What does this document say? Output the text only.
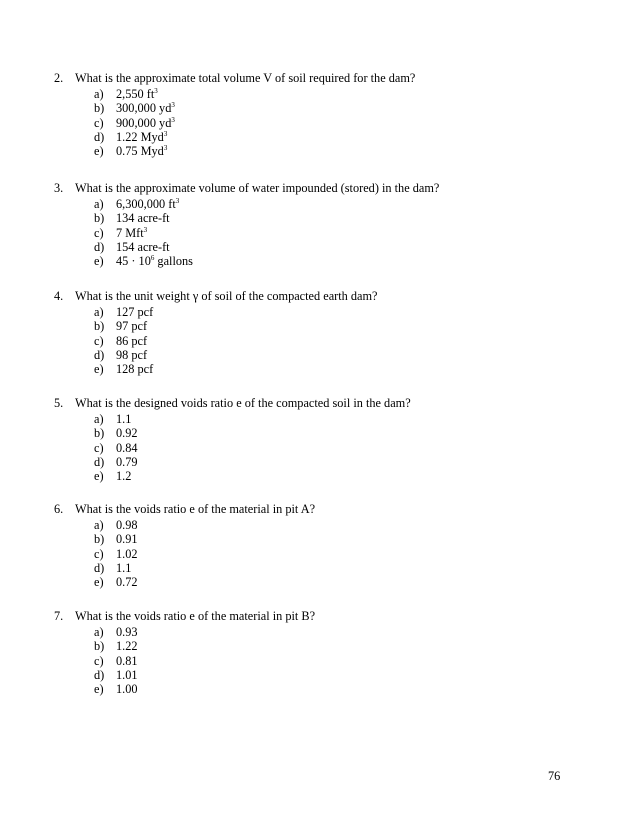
2. What is the approximate total volume V of soil required for the dam?
a) 2,550 $ft^3$
b) 300,000 $yd^3$
c) 900,000 $yd^3$
d) 1.22 Myd$^3$
e) 0.75 Myd$^3$
3. What is the approximate volume of water impounded (stored) in the dam?
a) 6,300,000 $ft^3$
b) 134 acre-ft
c) 7 Mft$^3$
d) 154 acre-ft
e) $45 \cdot 10^6$ gallons
4. What is the unit weight γ of soil of the compacted earth dam?
a) 127 pcf
b) 97 pcf
c) 86 pcf
d) 98 pcf
e) 128 pcf
5. What is the designed voids ratio e of the compacted soil in the dam?
a) 1.1
b) 0.92
c) 0.84
d) 0.79
e) 1.2
6. What is the voids ratio e of the material in pit A?
a) 0.98
b) 0.91
c) 1.02
d) 1.1
e) 0.72
7. What is the voids ratio e of the material in pit B?
a) 0.93
b) 1.22
c) 0.81
d) 1.01
e) 1.00
76
